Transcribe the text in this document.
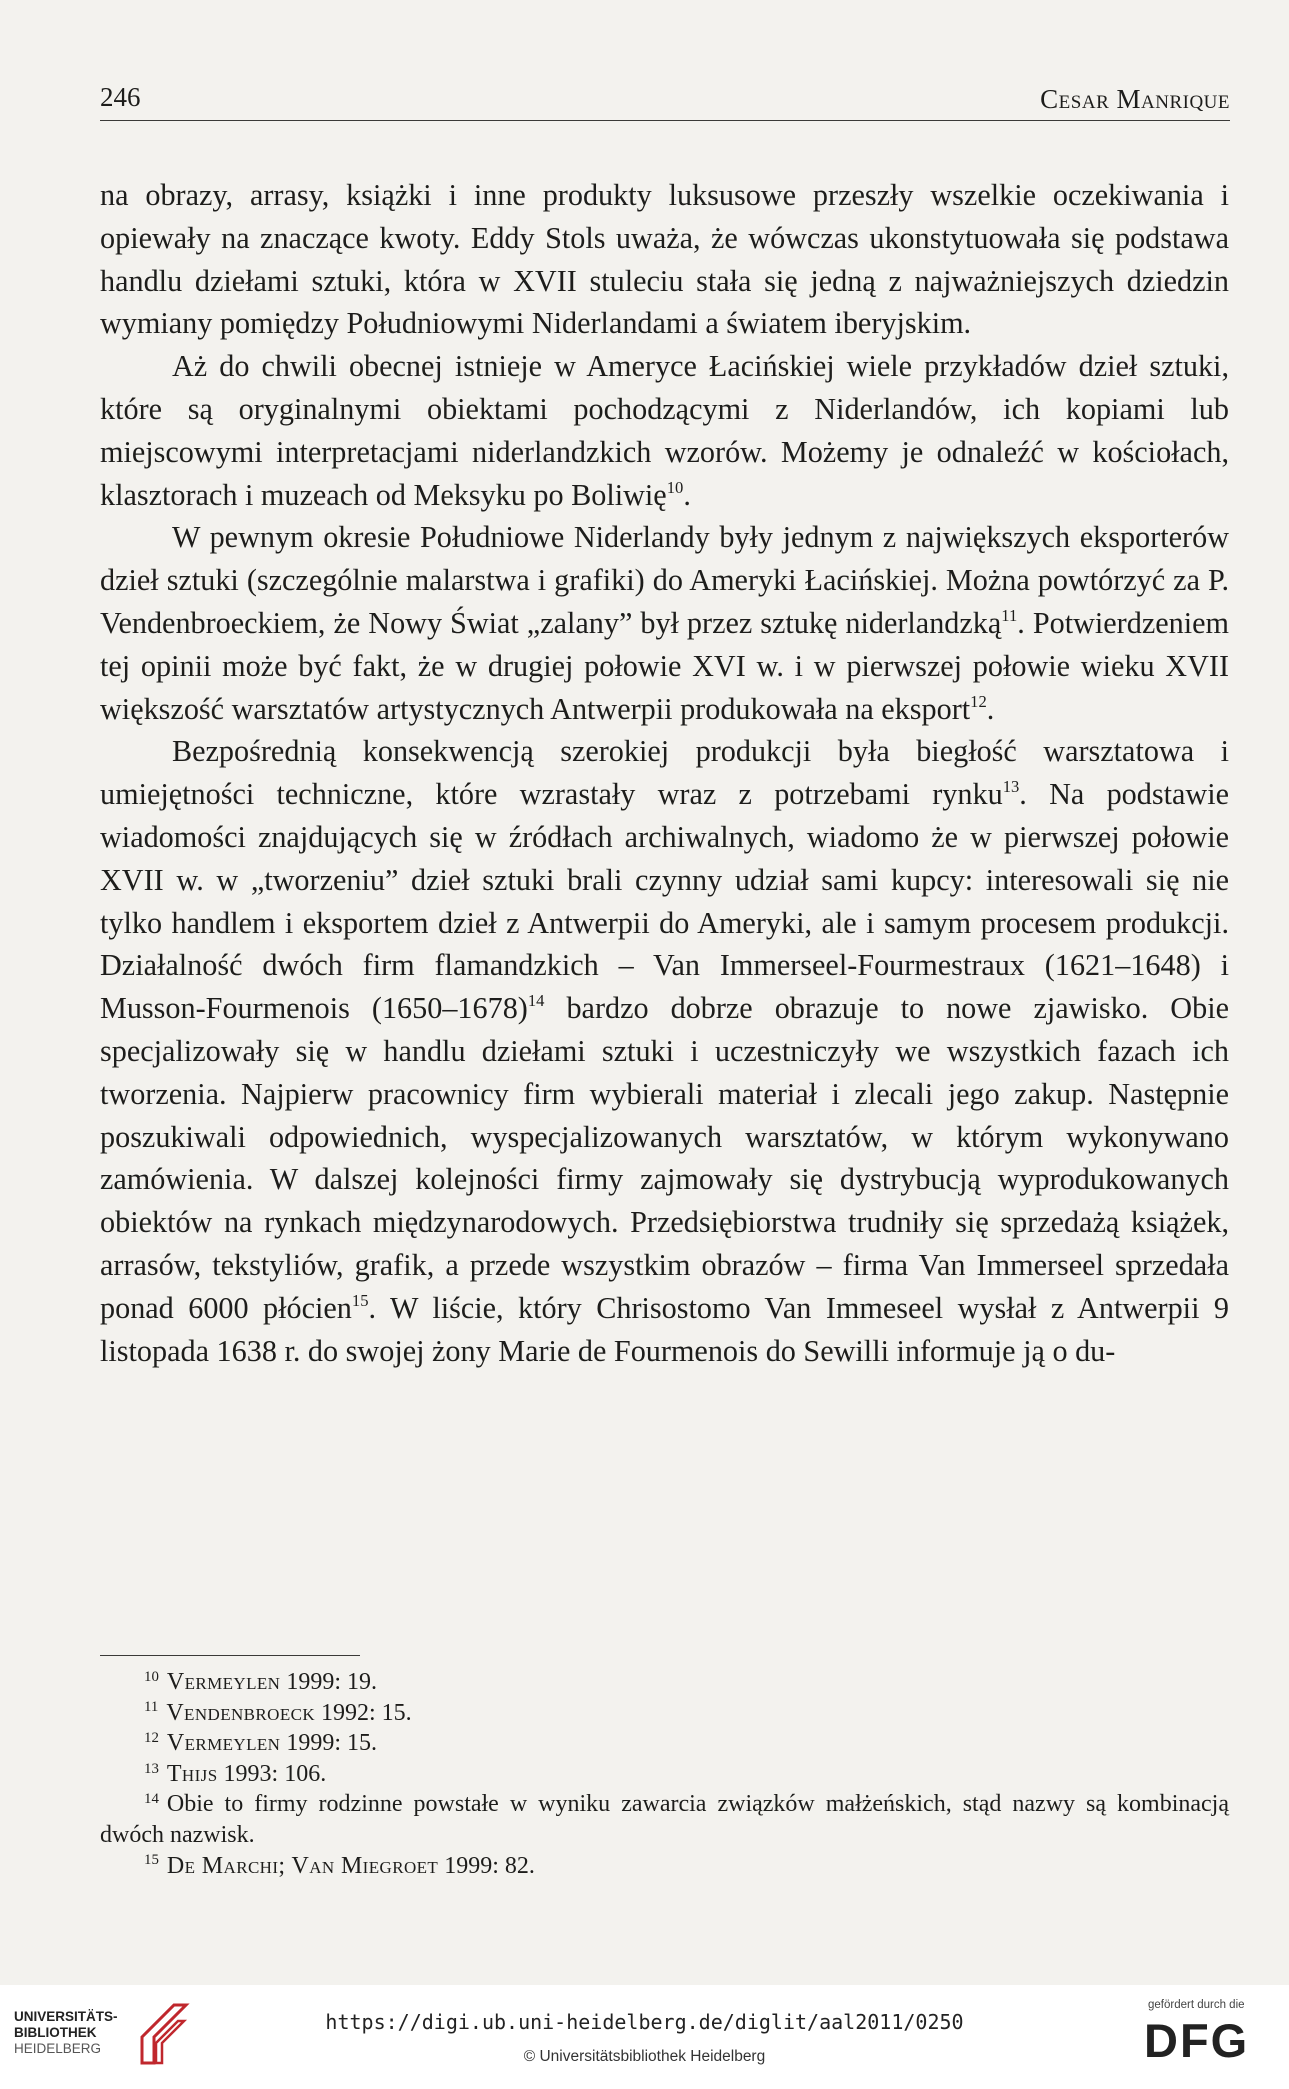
246	Cesar Manrique

na obrazy, arrasy, książki i inne produkty luksusowe przeszły wszelkie oczekiwania i opiewały na znaczące kwoty. Eddy Stols uważa, że wówczas ukonstytuowała się podstawa handlu dziełami sztuki, która w XVII stuleciu stała się jedną z najważniejszych dziedzin wymiany pomiędzy Południowymi Niderlandami a światem iberyjskim.

Aż do chwili obecnej istnieje w Ameryce Łacińskiej wiele przykładów dzieł sztuki, które są oryginalnymi obiektami pochodzącymi z Niderlandów, ich kopiami lub miejscowymi interpretacjami niderlandzkich wzorów. Możemy je odnaleźć w kościołach, klasztorach i muzeach od Meksyku po Boliwię$^{10}$.

W pewnym okresie Południowe Niderlandy były jednym z największych eksporterów dzieł sztuki (szczególnie malarstwa i grafiki) do Ameryki Łacińskiej. Można powtórzyć za P. Vendenbroeckiem, że Nowy Świat „zalany” był przez sztukę niderlandzką$^{11}$. Potwierdzeniem tej opinii może być fakt, że w drugiej połowie XVI w. i w pierwszej połowie wieku XVII większość warsztatów artystycznych Antwerpii produkowała na eksport$^{12}$.

Bezpośrednią konsekwencją szerokiej produkcji była biegłość warsztatowa i umiejętności techniczne, które wzrastały wraz z potrzebami rynku$^{13}$. Na podstawie wiadomości znajdujących się w źródłach archiwalnych, wiadomo że w pierwszej połowie XVII w. w „tworzeniu” dzieł sztuki brali czynny udział sami kupcy: interesowali się nie tylko handlem i eksportem dzieł z Antwerpii do Ameryki, ale i samym procesem produkcji. Działalność dwóch firm flamandzkich – Van Immerseel-Fourmestraux (1621–1648) i Musson-Fourmenois (1650–1678)$^{14}$ bardzo dobrze obrazuje to nowe zjawisko. Obie specjalizowały się w handlu dziełami sztuki i uczestniczyły we wszystkich fazach ich tworzenia. Najpierw pracownicy firm wybierali materiał i zlecali jego zakup. Następnie poszukiwali odpowiednich, wyspecjalizowanych warsztatów, w którym wykonywano zamówienia. W dalszej kolejności firmy zajmowały się dystrybucją wyprodukowanych obiektów na rynkach międzynarodowych. Przedsiębiorstwa trudniły się sprzedażą książek, arrasów, tekstyliów, grafik, a przede wszystkim obrazów – firma Van Immerseel sprzedała ponad 6000 płócien$^{15}$. W liście, który Chrisostomo Van Immeseel wysłał z Antwerpii 9 listopada 1638 r. do swojej żony Marie de Fourmenois do Sewilli informuje ją o du-

$^{10}$ Vermeylen 1999: 19.

$^{11}$ Vendenbroeck 1992: 15.

$^{12}$ Vermeylen 1999: 15.

$^{13}$ Thijs 1993: 106.

$^{14}$ Obie to firmy rodzinne powstałe w wyniku zawarcia związków małżeńskich, stąd nazwy są kombinacją dwóch nazwisk.

$^{15}$ De Marchi; Van Miegroet 1999: 82.

UNIVERSITÄTS-
BIBLIOTHEK
HEIDELBERG
https://digi.ub.uni-heidelberg.de/diglit/aal2011/0250
© Universitätsbibliothek Heidelberg
gefördert durch die
DFG
